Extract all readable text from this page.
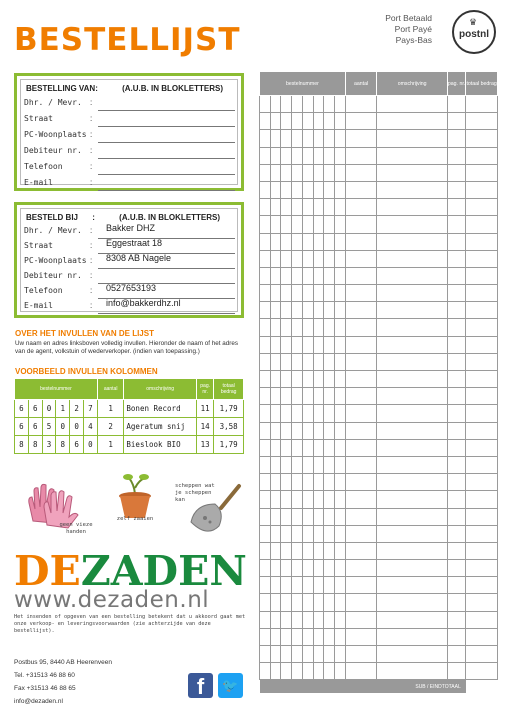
BESTELLIJST
Port Betaald
Port Payé
Pays-Bas
♛
postnl
BESTELLING VAN:	(A.U.B. IN BLOKLETTERS)
Dhr. / Mevr.	:
Straat	:
PC-Woonplaats :
Debiteur nr.	:
Telefoon	:
E-mail	:
BESTELD BIJ :	(A.U.B. IN BLOKLETTERS)
Dhr. / Mevr.	: Bakker DHZ
Straat	: Eggestraat 18
PC-Woonplaats : 8308 AB Nagele
Debiteur nr.	:
Telefoon	: 0527653193
E-mail	: info@bakkerdhz.nl
OVER HET INVULLEN VAN DE LIJST
Uw naam en adres linksboven volledig invullen. Hieronder de naam of het adres van de agent, volkstuin of wederverkoper. (indien van toepassing.)
VOORBEELD INVULLEN KOLOMMEN
bestelnummer						aantal	omschrijving	pag. nr.	totaal bedrag
6	6	0	1	2	7	1	Bonen Record	11	1,79
6	6	5	0	0	4	2	Ageratum snij	14	3,58
8	8	3	8	6	0	1	Bieslook BIO	13	1,79
geen vieze handen
zelf zaaien
scheppen wat je scheppen kan
DEZADEN
www.dezaden.nl
Het insenden of opgeven van een bestelling betekent dat u akkoord gaat met onze verkoop- en leveringsvoorwaarden (zie achterzijde van deze bestellijst).
Postbus 95, 8440 AB Heerenveen
Tel. +31513 46 88 60
Fax +31513 46 88 65
info@dezaden.nl
f	🐦
bestelnummer								aantal	omschrijving	pag. nr.	totaal bedrag

SUB / EINDTOTAAL											
